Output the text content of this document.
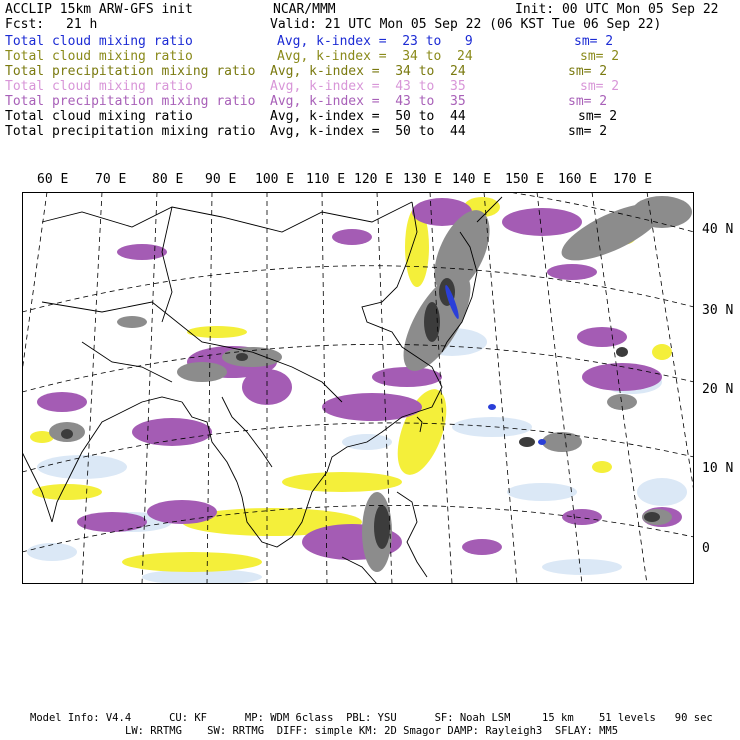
ACCLIP 15km ARW-GFS init	NCAR/MMM	Init: 00 UTC Mon 05 Sep 22
Fcst: 21 h	Valid: 21 UTC Mon 05 Sep 22 (06 KST Tue 06 Sep 22)
Total cloud mixing ratio	Avg, k-index =  23 to   9	sm= 2
Total cloud mixing ratio	Avg, k-index =  34 to  24	sm= 2
Total precipitation mixing ratio Avg, k-index =  34 to  24	sm= 2
Total cloud mixing ratio	Avg, k-index =  43 to  35	sm= 2
Total precipitation mixing ratio Avg, k-index =  43 to  35	sm= 2
Total cloud mixing ratio	Avg, k-index =  50 to  44	sm= 2
Total precipitation mixing ratio Avg, k-index =  50 to  44	sm= 2
60 E 70 E 80 E 90 E 100 E 110 E 120 E 130 E 140 E 150 E 160 E 170 E
40 N
30 N
20 N
10 N
0
Model Info: V4.4      CU: KF      MP: WDM 6class  PBL: YSU      SF: Noah LSM     15 km    51 levels   90 sec
LW: RRTMG    SW: RRTMG  DIFF: simple KM: 2D Smagor DAMP: Rayleigh3  SFLAY: MM5
